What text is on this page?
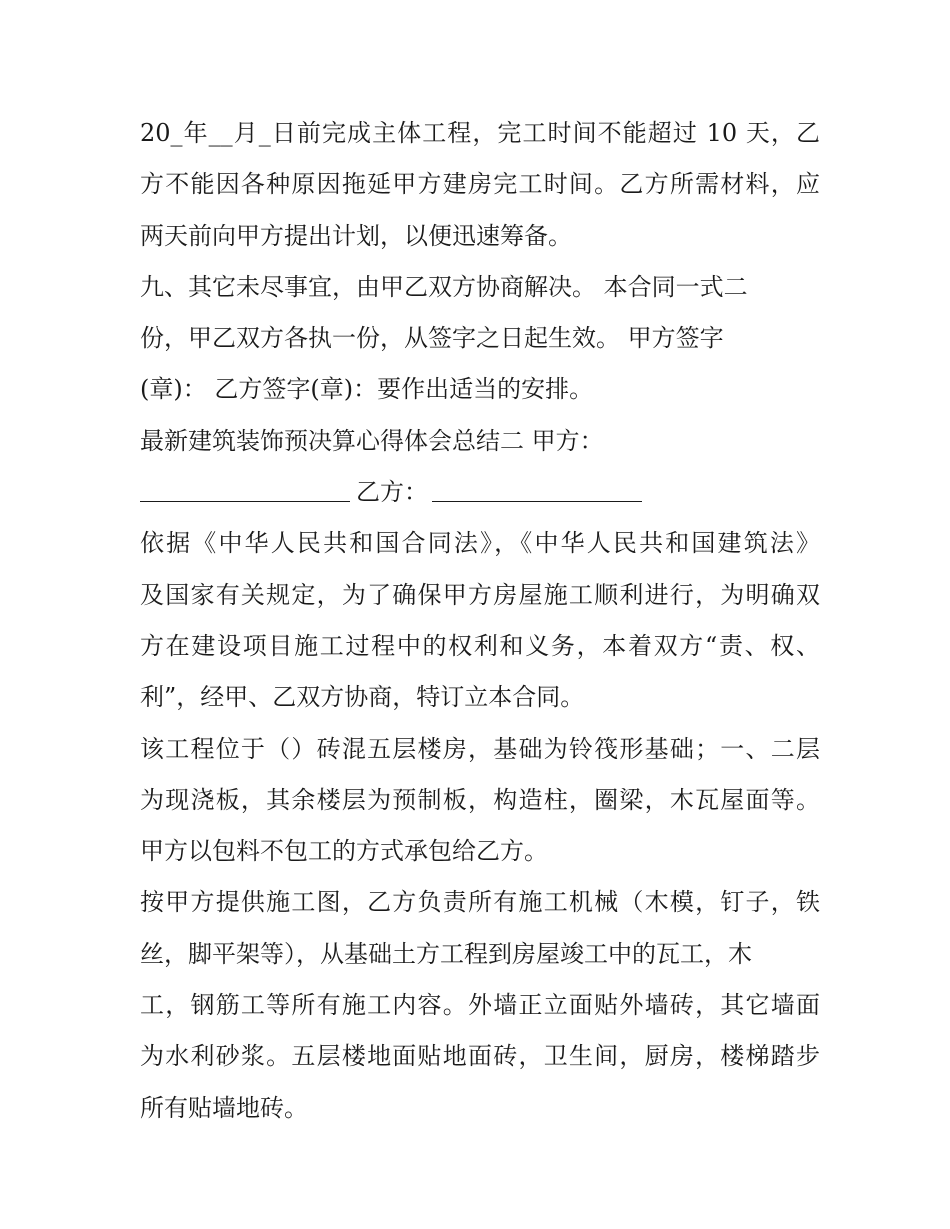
20_年__月_日前完成主体工程，完工时间不能超过 10 天，乙
方不能因各种原因拖延甲方建房完工时间。乙方所需材料，应
两天前向甲方提出计划，以便迅速筹备。
九、其它未尽事宜，由甲乙双方协商解决。 本合同一式二
份，甲乙双方各执一份，从签字之日起生效。 甲方签字
(章)： 乙方签字(章)：要作出适当的安排。
最新建筑装饰预决算心得体会总结二 甲方：
乙方：
依据《中华人民共和国合同法》，《中华人民共和国建筑法》
及国家有关规定，为了确保甲方房屋施工顺利进行，为明确双
方在建设项目施工过程中的权利和义务，本着双方“责、权、
利”，经甲、乙双方协商，特订立本合同。
该工程位于（）砖混五层楼房，基础为铃筏形基础；一、二层
为现浇板，其余楼层为预制板，构造柱，圈梁，木瓦屋面等。
甲方以包料不包工的方式承包给乙方。
按甲方提供施工图，乙方负责所有施工机械（木模，钉子，铁
丝，脚平架等），从基础土方工程到房屋竣工中的瓦工，木
工，钢筋工等所有施工内容。外墙正立面贴外墙砖，其它墙面
为水利砂浆。五层楼地面贴地面砖，卫生间，厨房，楼梯踏步
所有贴墙地砖。
